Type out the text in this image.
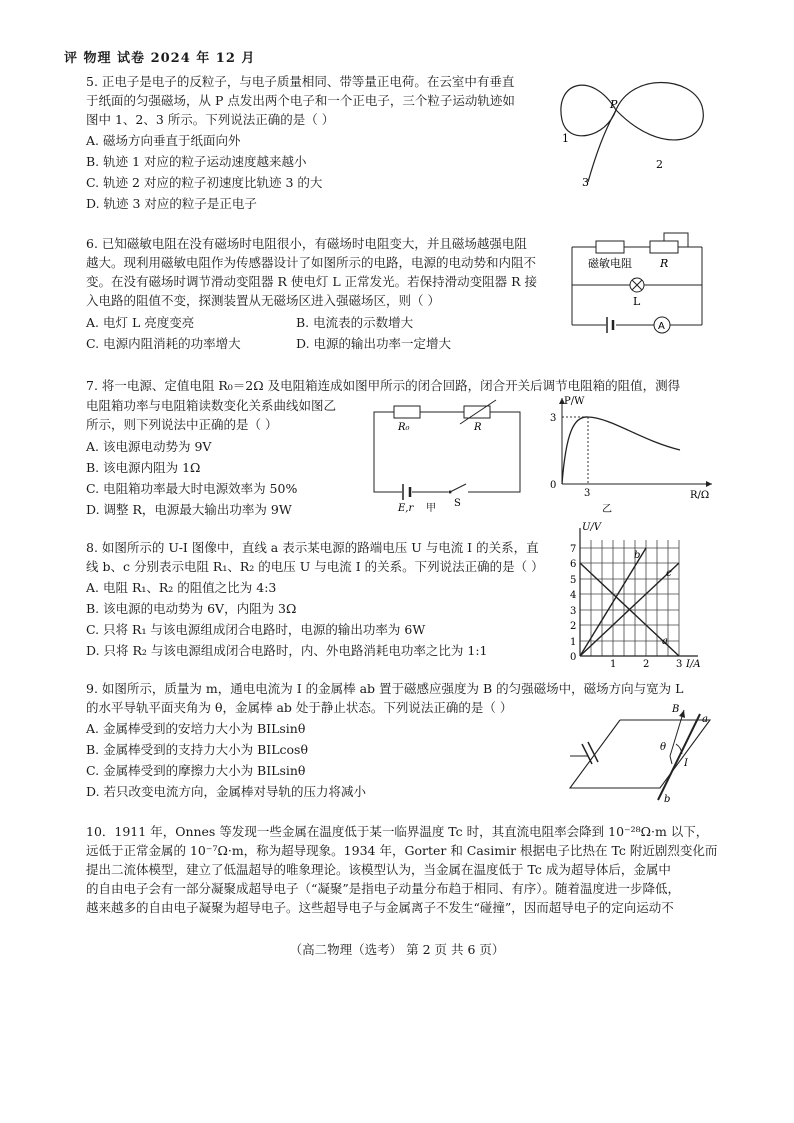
评 物理 试卷 2024 年 12 月
5. 正电子是电子的反粒子，与电子质量相同、带等量正电荷。在云室中有垂直
于纸面的匀强磁场，从 P 点发出两个电子和一个正电子，三个粒子运动轨迹如
图中 1、2、3 所示。下列说法正确的是（ ）
A. 磁场方向垂直于纸面向外
B. 轨迹 1 对应的粒子运动速度越来越小
C. 轨迹 2 对应的粒子初速度比轨迹 3 的大
D. 轨迹 3 对应的粒子是正电子
P
1
2
3
6. 已知磁敏电阻在没有磁场时电阻很小，有磁场时电阻变大，并且磁场越强电阻
越大。现利用磁敏电阻作为传感器设计了如图所示的电路，电源的电动势和内阻不
变。在没有磁场时调节滑动变阻器 R 使电灯 L 正常发光。若保持滑动变阻器 R 接
入电路的阻值不变，探测装置从无磁场区进入强磁场区，则（ ）
A. 电灯 L 亮度变亮	B. 电流表的示数增大
C. 电源内阻消耗的功率增大	D. 电源的输出功率一定增大
A
磁敏电阻	R
L
7. 将一电源、定值电阻 R₀＝2Ω 及电阻箱连成如图甲所示的闭合回路，闭合开关后调节电阻箱的阻值，测得
电阻箱功率与电阻箱读数变化关系曲线如图乙
所示，则下列说法中正确的是（ ）
A. 该电源电动势为 9V
B. 该电源内阻为 1Ω
C. 电阻箱功率最大时电源效率为 50%
D. 调整 R，电源最大输出功率为 9W
R₀	R
E,r	S
甲
P/W
R/Ω
3
3
0
乙
8. 如图所示的 U-I 图像中，直线 a 表示某电源的路端电压 U 与电流 I 的关系，直
线 b、c 分别表示电阻 R₁、R₂ 的电压 U 与电流 I 的关系。下列说法正确的是（ ）
A. 电阻 R₁、R₂ 的阻值之比为 4:3
B. 该电源的电动势为 6V，内阻为 3Ω
C. 只将 R₁ 与该电源组成闭合电路时，电源的输出功率为 6W
D. 只将 R₂ 与该电源组成闭合电路时，内、外电路消耗电功率之比为 1:1
U/V
I/A
a
b
c
7
6
5
4
3
2
1
0
1	2	3
9. 如图所示，质量为 m，通电电流为 I 的金属棒 ab 置于磁感应强度为 B 的匀强磁场中，磁场方向与宽为 L
的水平导轨平面夹角为 θ，金属棒 ab 处于静止状态。下列说法正确的是（ ）
A. 金属棒受到的安培力大小为 BILsinθ
B. 金属棒受到的支持力大小为 BILcosθ
C. 金属棒受到的摩擦力大小为 BILsinθ
D. 若只改变电流方向，金属棒对导轨的压力将减小
B
a
b
θ
I
10．1911 年，Onnes 等发现一些金属在温度低于某一临界温度 Tc 时，其直流电阻率会降到 10⁻²⁸Ω·m 以下，
远低于正常金属的 10⁻⁷Ω·m，称为超导现象。1934 年，Gorter 和 Casimir 根据电子比热在 Tc 附近剧烈变化而
提出二流体模型，建立了低温超导的唯象理论。该模型认为，当金属在温度低于 Tc 成为超导体后，金属中
的自由电子会有一部分凝聚成超导电子（“凝聚”是指电子动量分布趋于相同、有序）。随着温度进一步降低，
越来越多的自由电子凝聚为超导电子。这些超导电子与金属离子不发生“碰撞”，因而超导电子的定向运动不
（高二物理（选考） 第 2 页 共 6 页）
